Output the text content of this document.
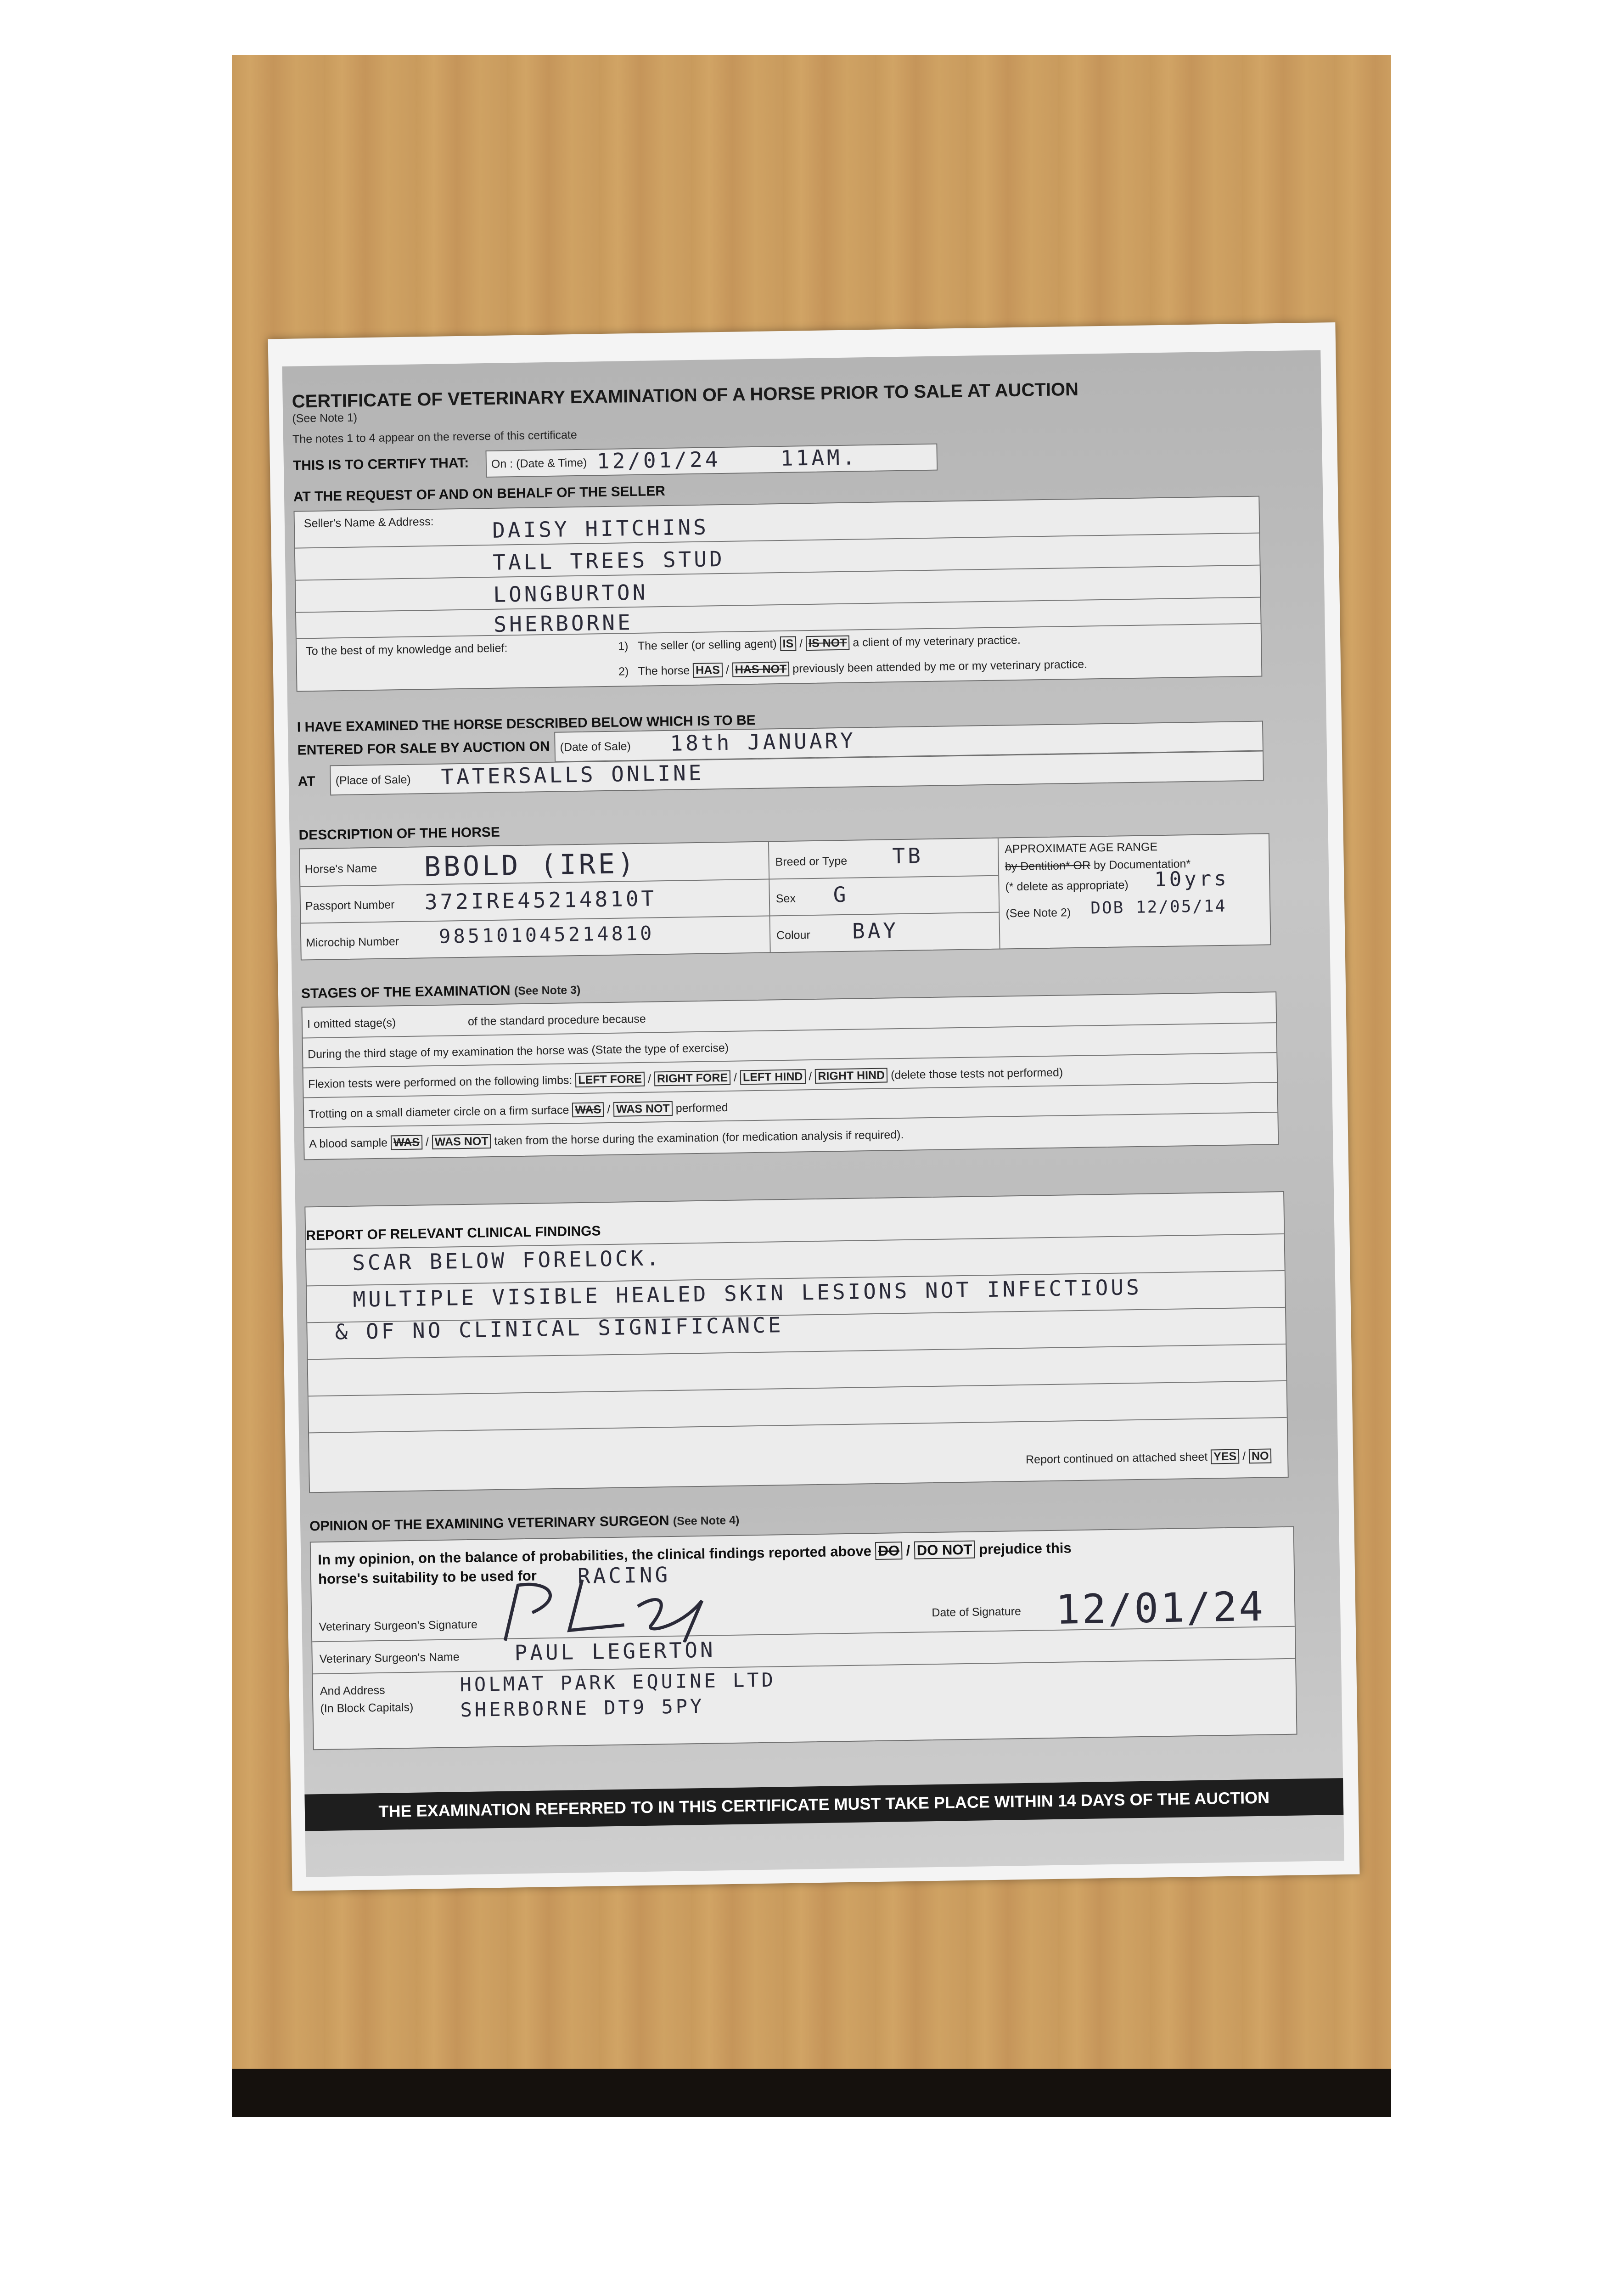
CERTIFICATE OF VETERINARY EXAMINATION OF A HORSE PRIOR TO SALE AT AUCTION
(See Note 1)
The notes 1 to 4 appear on the reverse of this certificate
THIS IS TO CERTIFY THAT: On : (Date & Time) 12/01/24	11AM.
AT THE REQUEST OF AND ON BEHALF OF THE SELLER
Seller's Name & Address:	DAISY HITCHINS
TALL TREES STUD
LONGBURTON
SHERBORNE
To the best of my knowledge and belief:	1) The seller (or selling agent) IS / IS NOT a client of my veterinary practice.
2) The horse HAS / HAS NOT previously been attended by me or my veterinary practice.
I HAVE EXAMINED THE HORSE DESCRIBED BELOW WHICH IS TO BE
ENTERED FOR SALE BY AUCTION ON (Date of Sale) 18th JANUARY
AT (Place of Sale) TATERSALLS ONLINE
DESCRIPTION OF THE HORSE
Horse's Name BBOLD (IRE)
Passport Number 372IRE45214810T
Microchip Number 985101045214810
Breed or Type TB
Sex G
Colour BAY
APPROXIMATE AGE RANGE
by Dentition* OR by Documentation*
(* delete as appropriate) 10yrs
(See Note 2) DOB 12/05/14
STAGES OF THE EXAMINATION (See Note 3)
I omitted stage(s)	of the standard procedure because
During the third stage of my examination the horse was (State the type of exercise)
Flexion tests were performed on the following limbs: LEFT FORE / RIGHT FORE / LEFT HIND / RIGHT HIND (delete those tests not performed)
Trotting on a small diameter circle on a firm surface WAS / WAS NOT performed
A blood sample WAS / WAS NOT taken from the horse during the examination (for medication analysis if required).
REPORT OF RELEVANT CLINICAL FINDINGS
SCAR BELOW FORELOCK.
MULTIPLE VISIBLE HEALED SKIN LESIONS NOT INFECTIOUS
& OF NO CLINICAL SIGNIFICANCE
Report continued on attached sheet YES / NO
OPINION OF THE EXAMINING VETERINARY SURGEON (See Note 4)
In my opinion, on the balance of probabilities, the clinical findings reported above DO / DO NOT prejudice this
horse's suitability to be used for RACING
Veterinary Surgeon's Signature
Date of Signature 12/01/24
Veterinary Surgeon's Name	PAUL LEGERTON
And Address
(In Block Capitals)
HOLMAT PARK EQUINE LTD
SHERBORNE DT9 5PY
THE EXAMINATION REFERRED TO IN THIS CERTIFICATE MUST TAKE PLACE WITHIN 14 DAYS OF THE AUCTION
